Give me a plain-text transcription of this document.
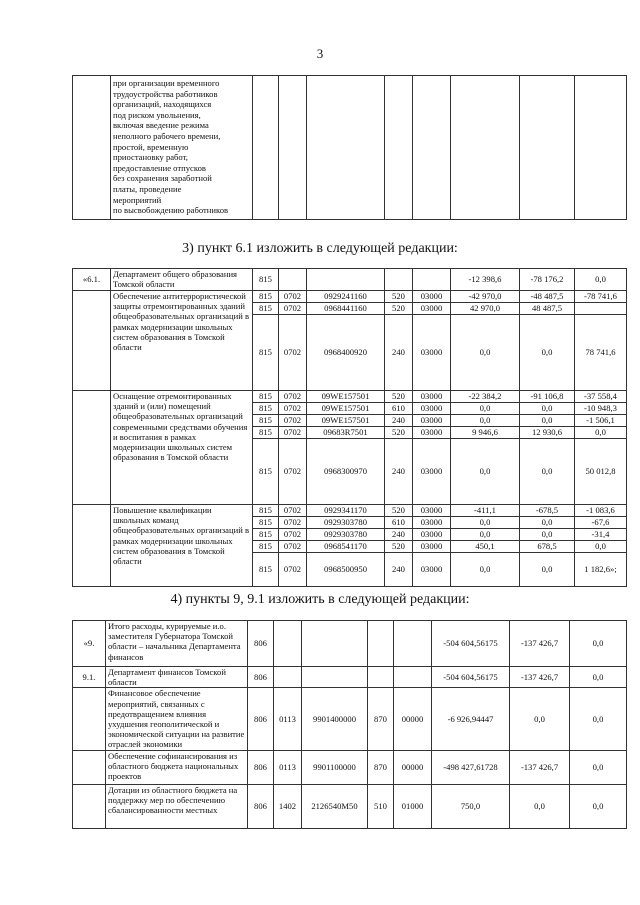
3

при организации временного
трудоустройства работников
организаций, находящихся
под риском увольнения,
включая введение режима
неполного рабочего времени,
простой, временную
приостановку работ,
предоставление отпусков
без сохранения заработной
платы, проведение
мероприятий
по высвобождению работников

3) пункт 6.1 изложить в следующей редакции:
«6.1.	Департамент общего образования Томской области	815					-12 398,6	-78 176,2	0,0
	Обеспечение антитеррористической защиты отремонтированных зданий общеобразовательных организаций в рамках модернизации школьных систем образования в Томской области	815	0702	0929241160	520	03000	-42 970,0	-48 487,5	-78 741,6
		815	0702	0968441160	520	03000	42 970,0	48 487,5	
		815	0702	0968400920	240	03000	0,0	0,0	78 741,6
	Оснащение отремонтированных зданий и (или) помещений общеобразовательных организаций современными средствами обучения и воспитания в рамках модернизации школьных систем образования в Томской области	815	0702	09WE157501	520	03000	-22 384,2	-91 106,8	-37 558,4
		815	0702	09WE157501	610	03000	0,0	0,0	-10 948,3
		815	0702	09WE157501	240	03000	0,0	0,0	-1 506,1
		815	0702	09683R7501	520	03000	9 946,6	12 930,6	0,0
		815	0702	0968300970	240	03000	0,0	0,0	50 012,8
	Повышение квалификации школьных команд общеобразовательных организаций в рамках модернизации школьных систем образования в Томской области	815	0702	0929341170	520	03000	-411,1	-678,5	-1 083,6
		815	0702	0929303780	610	03000	0,0	0,0	-67,6
		815	0702	0929303780	240	03000	0,0	0,0	-31,4
		815	0702	0968541170	520	03000	450,1	678,5	0,0
		815	0702	0968500950	240	03000	0,0	0,0	1 182,6»;
4) пункты 9, 9.1 изложить в следующей редакции:
«9.	Итого расходы, курируемые и.о. заместителя Губернатора Томской области – начальника Департамента финансов	806					-504 604,56175	-137 426,7	0,0
9.1.	Департамент финансов Томской области	806					-504 604,56175	-137 426,7	0,0
	Финансовое обеспечение мероприятий, связанных с предотвращением влияния ухудшения геополитической и экономической ситуации на развитие отраслей экономики	806	0113	9901400000	870	00000	-6 926,94447	0,0	0,0
	Обеспечение софинансирования из областного бюджета национальных проектов	806	0113	9901100000	870	00000	-498 427,61728	-137 426,7	0,0
	Дотации из областного бюджета на поддержку мер по обеспечению сбалансированности местных	806	1402	2126540M50	510	01000	750,0	0,0	0,0
